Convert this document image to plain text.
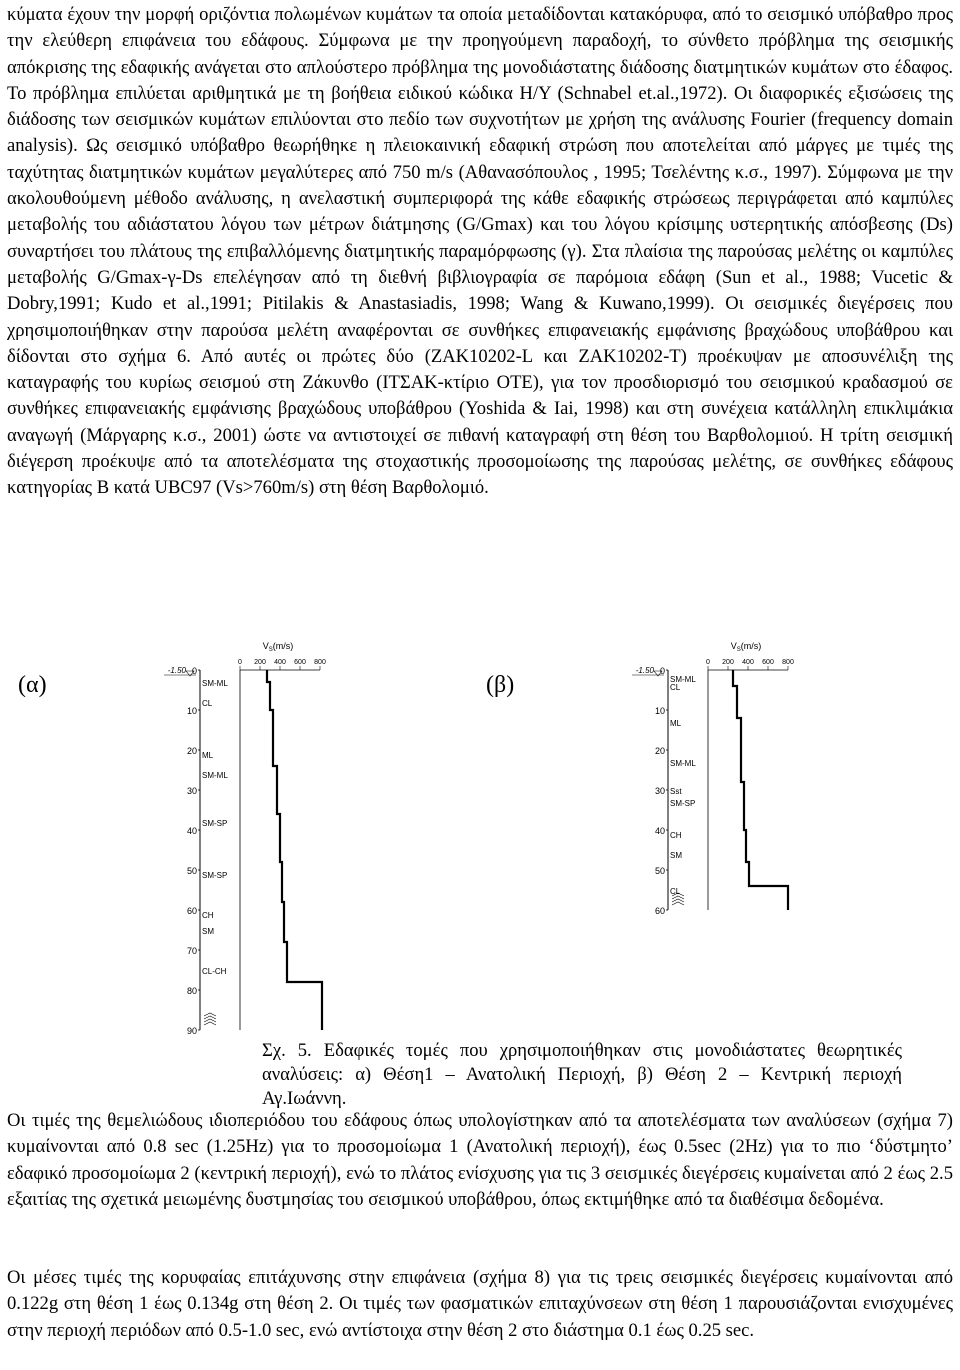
κύματα έχουν την μορφή οριζόντια πολωμένων κυμάτων τα οποία μεταδίδονται κατακόρυφα, από το σεισμικό υπόβαθρο προς την ελεύθερη επιφάνεια του εδάφους. Σύμφωνα με την προηγούμενη παραδοχή, το σύνθετο πρόβλημα της σεισμικής απόκρισης της εδαφικής ανάγεται στο απλούστερο πρόβλημα της μονοδιάστατης διάδοσης διατμητικών κυμάτων στο έδαφος. Το πρόβλημα επιλύεται αριθμητικά με τη βοήθεια ειδικού κώδικα Η/Υ (Schnabel et.al.,1972). Οι διαφορικές εξισώσεις της διάδοσης των σεισμικών κυμάτων επιλύονται στο πεδίο των συχνοτήτων με χρήση της ανάλυσης Fourier (frequency domain analysis). Ως σεισμικό υπόβαθρο θεωρήθηκε η πλειοκαινική εδαφική στρώση που αποτελείται από μάργες με τιμές της ταχύτητας διατμητικών κυμάτων μεγαλύτερες από 750 m/s (Αθανασόπουλος , 1995; Τσελέντης κ.σ., 1997). Σύμφωνα με την ακολουθούμενη μέθοδο ανάλυσης, η ανελαστική συμπεριφορά της κάθε εδαφικής στρώσεως περιγράφεται από καμπύλες μεταβολής του αδιάστατου λόγου των μέτρων διάτμησης (G/Gmax) και του λόγου κρίσιμης υστερητικής απόσβεσης (Ds) συναρτήσει του πλάτους της επιβαλλόμενης διατμητικής παραμόρφωσης (γ). Στα πλαίσια της παρούσας μελέτης οι καμπύλες μεταβολής G/Gmax-γ-Ds επελέγησαν από τη διεθνή βιβλιογραφία σε παρόμοια εδάφη (Sun et al., 1988; Vucetic & Dobry,1991; Kudo et al.,1991; Pitilakis & Anastasiadis, 1998; Wang & Kuwano,1999). Οι σεισμικές διεγέρσεις που χρησιμοποιήθηκαν στην παρούσα μελέτη αναφέρονται σε συνθήκες επιφανειακής εμφάνισης βραχώδους υποβάθρου και δίδονται στο σχήμα 6. Από αυτές οι πρώτες δύο (ZAK10202-L και ZAK10202-T) προέκυψαν με αποσυνέλιξη της καταγραφής του κυρίως σεισμού στη Ζάκυνθο (ΙΤΣΑΚ-κτίριο ΟΤΕ), για τον προσδιορισμό του σεισμικού κραδασμού σε συνθήκες επιφανειακής εμφάνισης βραχώδους υποβάθρου (Yoshida & Iai, 1998) και στη συνέχεια κατάλληλη επικλιμάκια αναγωγή (Μάργαρης κ.σ., 2001) ώστε να αντιστοιχεί σε πιθανή καταγραφή στη θέση του Βαρθολομιού. Η τρίτη σεισμική διέγερση προέκυψε από τα αποτελέσματα της στοχαστικής προσομοίωσης της παρούσας μελέτης, σε συνθήκες εδάφους κατηγορίας Β κατά UBC97 (Vs>760m/s) στη θέση Βαρθολομιό.

(α)	(β)
$V_S(m/s)$
0 200 400 600 800
0
10
20
30
40
50
60
70
80
90
-1.50
SM-ML
CL
ML
SM-ML
SM-SP
SM-SP
CH
SM
CL-CH
$V_S(m/s)$
0 200 400 600 800
0
10
20
30
40
50
60
-1.50
SM-ML
CL
ML
SM-ML
Sst
SM-SP
CH
SM
CL
Σχ. 5. Εδαφικές τομές που χρησιμοποιήθηκαν στις μονοδιάστατες θεωρητικές αναλύσεις: α) Θέση1 – Ανατολική Περιοχή, β) Θέση 2 – Κεντρική περιοχή Αγ.Ιωάννη.

Οι τιμές της θεμελιώδους ιδιοπεριόδου του εδάφους όπως υπολογίστηκαν από τα αποτελέσματα των αναλύσεων (σχήμα 7) κυμαίνονται από 0.8 sec (1.25Hz) για το προσομοίωμα 1 (Ανατολική περιοχή), έως 0.5sec (2Hz) για το πιο ‘δύστμητο’ εδαφικό προσομοίωμα 2 (κεντρική περιοχή), ενώ το πλάτος ενίσχυσης για τις 3 σεισμικές διεγέρσεις κυμαίνεται από 2 έως 2.5 εξαιτίας της σχετικά μειωμένης δυστμησίας του σεισμικού υποβάθρου, όπως εκτιμήθηκε από τα διαθέσιμα δεδομένα.

Οι μέσες τιμές της κορυφαίας επιτάχυνσης στην επιφάνεια (σχήμα 8) για τις τρεις σεισμικές διεγέρσεις κυμαίνονται από 0.122g στη θέση 1 έως 0.134g στη θέση 2. Οι τιμές των φασματικών επιταχύνσεων στη θέση 1 παρουσιάζονται ενισχυμένες στην περιοχή περιόδων από 0.5-1.0 sec, ενώ αντίστοιχα στην θέση 2 στο διάστημα 0.1 έως 0.25 sec.
